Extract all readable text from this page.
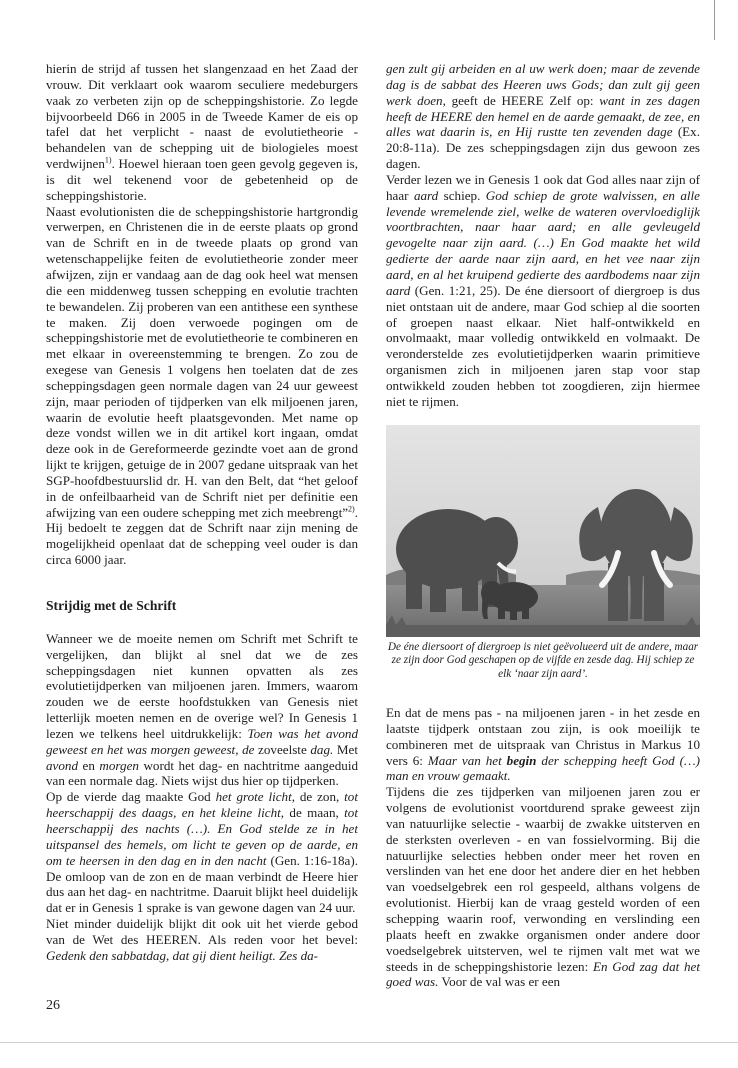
hierin de strijd af tussen het slangenzaad en het Zaad der vrouw. Dit verklaart ook waarom seculiere medeburgers vaak zo verbeten zijn op de scheppingshistorie. Zo legde bijvoorbeeld D66 in 2005 in de Tweede Kamer de eis op tafel dat het verplicht - naast de evolutietheorie - behandelen van de schepping uit de biologieles moest verdwijnen$^{1)}$. Hoewel hieraan toen geen gevolg gegeven is, is dit wel tekenend voor de gebetenheid op de scheppingshistorie.

Naast evolutionisten die de scheppingshistorie hartgrondig verwerpen, en Christenen die in de eerste plaats op grond van de Schrift en in de tweede plaats op grond van wetenschappelijke feiten de evolutietheorie zonder meer afwijzen, zijn er vandaag aan de dag ook heel wat mensen die een middenweg tussen schepping en evolutie trachten te bewandelen. Zij proberen van een antithese een synthese te maken. Zij doen verwoede pogingen om de scheppingshistorie met de evolutietheorie te combineren en met elkaar in overeenstemming te brengen. Zo zou de exegese van Genesis 1 volgens hen toelaten dat de zes scheppingsdagen geen normale dagen van 24 uur geweest zijn, maar perioden of tijdperken van elk miljoenen jaren, waarin de evolutie heeft plaatsgevonden. Met name op deze vondst willen we in dit artikel kort ingaan, omdat deze ook in de Gereformeerde gezindte voet aan de grond lijkt te krijgen, getuige de in 2007 gedane uitspraak van het SGP-hoofdbestuurslid dr. H. van den Belt, dat “het geloof in de onfeilbaarheid van de Schrift niet per definitie een afwijzing van een oudere schepping met zich meebrengt”$^{2)}$. Hij bedoelt te zeggen dat de Schrift naar zijn mening de mogelijkheid openlaat dat de schepping veel ouder is dan circa 6000 jaar.

Strijdig met de Schrift

Wanneer we de moeite nemen om Schrift met Schrift te vergelijken, dan blijkt al snel dat we de zes scheppingsdagen niet kunnen opvatten als zes evolutietijdperken van miljoenen jaren. Immers, waarom zouden we de eerste hoofdstukken van Genesis niet letterlijk moeten nemen en de overige wel? In Genesis 1 lezen we telkens heel uitdrukkelijk: Toen was het avond geweest en het was morgen geweest, de zoveelste dag. Met avond en morgen wordt het dag- en nachtritme aangeduid van een normale dag. Niets wijst dus hier op tijdperken.

Op de vierde dag maakte God het grote licht, de zon, tot heerschappij des daags, en het kleine licht, de maan, tot heerschappij des nachts (…). En God stelde ze in het uitspansel des hemels, om licht te geven op de aarde, en om te heersen in den dag en in den nacht (Gen. 1:16-18a). De omloop van de zon en de maan verbindt de Heere hier dus aan het dag- en nachtritme. Daaruit blijkt heel duidelijk dat er in Genesis 1 sprake is van gewone dagen van 24 uur.

Niet minder duidelijk blijkt dit ook uit het vierde gebod van de Wet des HEEREN. Als reden voor het bevel: Gedenk den sabbatdag, dat gij dient heiligt. Zes da-

gen zult gij arbeiden en al uw werk doen; maar de zevende dag is de sabbat des Heeren uws Gods; dan zult gij geen werk doen, geeft de HEERE Zelf op: want in zes dagen heeft de HEERE den hemel en de aarde gemaakt, de zee, en alles wat daarin is, en Hij rustte ten zevenden dage (Ex. 20:8-11a). De zes scheppingsdagen zijn dus gewoon zes dagen.

Verder lezen we in Genesis 1 ook dat God alles naar zijn of haar aard schiep. God schiep de grote walvissen, en alle levende wremelende ziel, welke de wateren overvloediglijk voortbrachten, naar haar aard; en alle gevleugeld gevogelte naar zijn aard. (…) En God maakte het wild gedierte der aarde naar zijn aard, en het vee naar zijn aard, en al het kruipend gedierte des aardbodems naar zijn aard (Gen. 1:21, 25). De éne diersoort of diergroep is dus niet ontstaan uit de andere, maar God schiep al die soorten of groepen naast elkaar. Niet half-ontwikkeld en onvolmaakt, maar volledig ontwikkeld en volmaakt. De veronderstelde zes evolutietijdperken waarin primitieve organismen zich in miljoenen jaren stap voor stap ontwikkeld zouden hebben tot zoogdieren, zijn hiermee niet te rijmen.

De éne diersoort of diergroep is niet geëvolueerd uit de andere, maar ze zijn door God geschapen op de vijfde en zesde dag. Hij schiep ze elk ‘naar zijn aard’.

En dat de mens pas - na miljoenen jaren - in het zesde en laatste tijdperk ontstaan zou zijn, is ook moeilijk te combineren met de uitspraak van Christus in Markus 10 vers 6: Maar van het begin der schepping heeft God (…) man en vrouw gemaakt.

Tijdens die zes tijdperken van miljoenen jaren zou er volgens de evolutionist voortdurend sprake geweest zijn van natuurlijke selectie - waarbij de zwakke uitsterven en de sterksten overleven - en van fossielvorming. Bij die natuurlijke selecties hebben onder meer het roven en verslinden van het ene door het andere dier en het hebben van voedselgebrek een rol gespeeld, althans volgens de evolutionist. Hierbij kan de vraag gesteld worden of een schepping waarin roof, verwonding en verslinding een plaats heeft en zwakke organismen onder andere door voedselgebrek uitsterven, wel te rijmen valt met wat we steeds in de scheppingshistorie lezen: En God zag dat het goed was. Voor de val was er een

26
